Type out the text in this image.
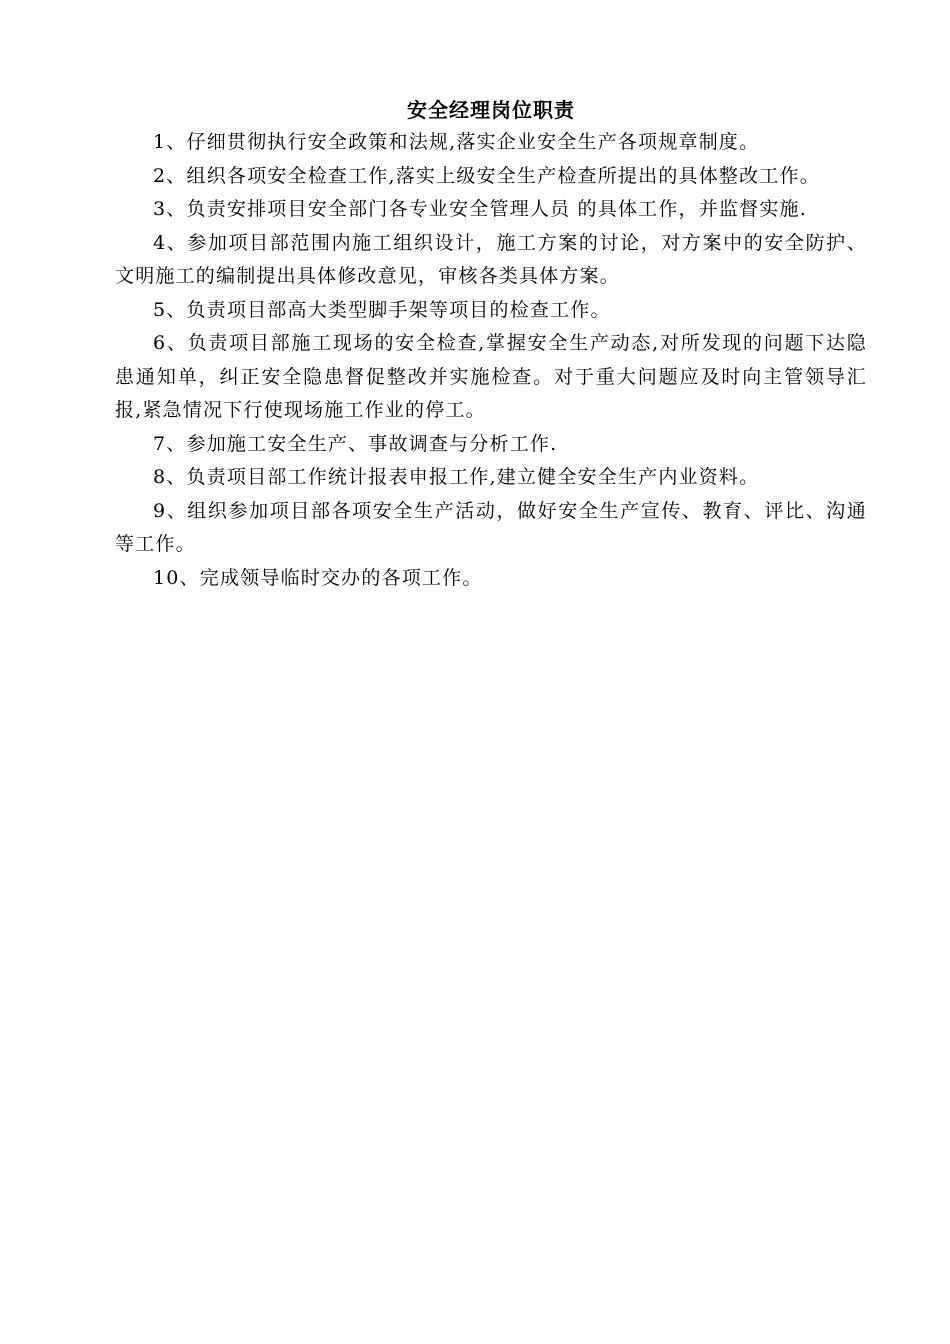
安全经理岗位职责

1、仔细贯彻执行安全政策和法规,落实企业安全生产各项规章制度。

2、组织各项安全检查工作,落实上级安全生产检查所提出的具体整改工作。

3、负责安排项目安全部门各专业安全管理人员 的具体工作，并监督实施.

4、参加项目部范围内施工组织设计，施工方案的讨论，对方案中的安全防护、文明施工的编制提出具体修改意见，审核各类具体方案。

5、负责项目部高大类型脚手架等项目的检查工作。

6、负责项目部施工现场的安全检查,掌握安全生产动态,对所发现的问题下达隐患通知单，纠正安全隐患督促整改并实施检查。对于重大问题应及时向主管领导汇报,紧急情况下行使现场施工作业的停工。

7、参加施工安全生产、事故调查与分析工作.

8、负责项目部工作统计报表申报工作,建立健全安全生产内业资料。

9、组织参加项目部各项安全生产活动，做好安全生产宣传、教育、评比、沟通等工作。

10、完成领导临时交办的各项工作。
